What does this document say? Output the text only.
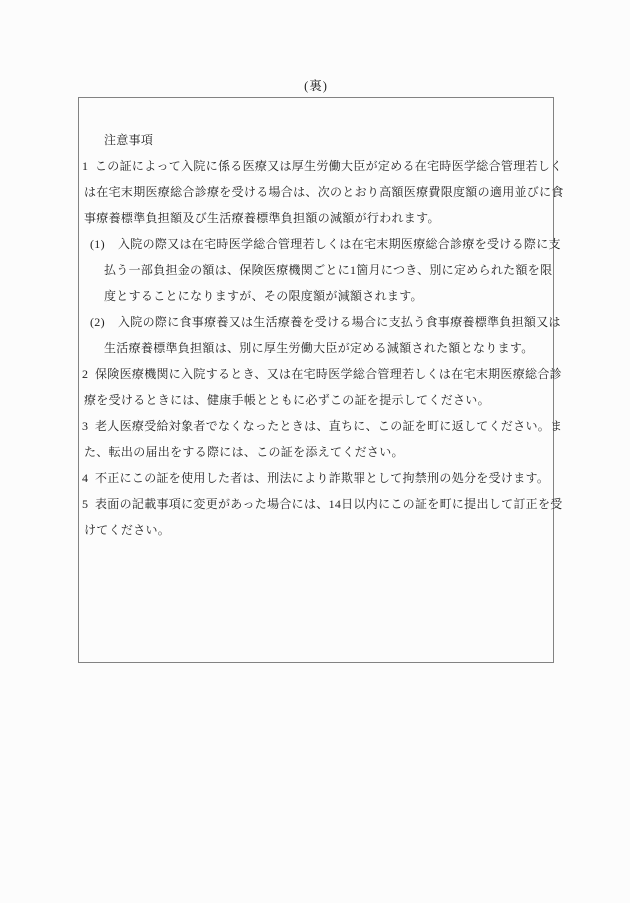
(裏)
注意事項
1 この証によって入院に係る医療又は厚生労働大臣が定める在宅時医学総合管理若しく
は在宅末期医療総合診療を受ける場合は、次のとおり高額医療費限度額の適用並びに食
事療養標準負担額及び生活療養標準負担額の減額が行われます。
(1) 入院の際又は在宅時医学総合管理若しくは在宅末期医療総合診療を受ける際に支
払う一部負担金の額は、保険医療機関ごとに1箇月につき、別に定められた額を限
度とすることになりますが、その限度額が減額されます。
(2) 入院の際に食事療養又は生活療養を受ける場合に支払う食事療養標準負担額又は
生活療養標準負担額は、別に厚生労働大臣が定める減額された額となります。
2 保険医療機関に入院するとき、又は在宅時医学総合管理若しくは在宅末期医療総合診
療を受けるときには、健康手帳とともに必ずこの証を提示してください。
3 老人医療受給対象者でなくなったときは、直ちに、この証を町に返してください。ま
た、転出の届出をする際には、この証を添えてください。
4 不正にこの証を使用した者は、刑法により詐欺罪として拘禁刑の処分を受けます。
5 表面の記載事項に変更があった場合には、14日以内にこの証を町に提出して訂正を受
けてください。
